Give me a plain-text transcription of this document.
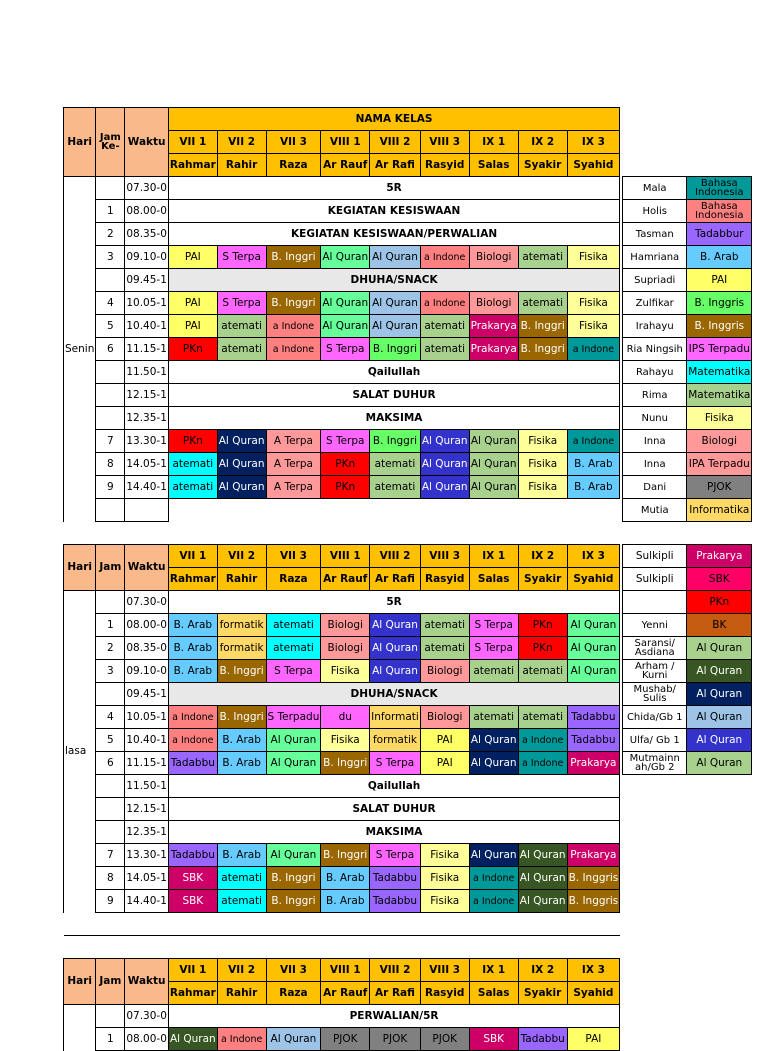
Hari	Jam Ke-	Waktu	NAMA KELAS											
			VII 1	VII 2	VII 3	VIII 1	VIII 2	VIII 3	IX 1	IX 2	IX 3			
			Rahmar	Rahir	Raza	Ar Rauf	Ar Rafi	Rasyid	Salas	Syakir	Syahid			
Senin		07.30-0	5R										Mala	Bahasa Indonesia
	1	08.00-0	KEGIATAN KESISWAAN										Holis	Bahasa Indonesia
	2	08.35-0	KEGIATAN KESISWAAN/PERWALIAN										Tasman	Tadabbur
	3	09.10-0	PAI	S Terpa	B. Inggri	Al Quran	Al Quran	a Indone	Biologi	atemati	Fisika		Hamriana	B. Arab
		09.45-1	DHUHA/SNACK										Supriadi	PAI
	4	10.05-1	PAI	S Terpa	B. Inggri	Al Quran	Al Quran	a Indone	Biologi	atemati	Fisika		Zulfikar	B. Inggris
	5	10.40-1	PAI	atemati	a Indone	Al Quran	Al Quran	atemati	Prakarya	B. Inggri	Fisika		Irahayu	B. Inggris
	6	11.15-1	PKn	atemati	a Indone	S Terpa	B. Inggri	atemati	Prakarya	B. Inggri	a Indone		Ria Ningsih	IPS Terpadu
		11.50-1	Qailullah										Rahayu	Matematika
		12.15-1	SALAT DUHUR										Rima	Matematika
		12.35-1	MAKSIMA										Nunu	Fisika
	7	13.30-1	PKn	Al Quran	A Terpa	S Terpa	B. Inggri	Al Quran	Al Quran	Fisika	a Indone		Inna	Biologi
	8	14.05-1	atemati	Al Quran	A Terpa	PKn	atemati	Al Quran	Al Quran	Fisika	B. Arab		Inna	IPA Terpadu
	9	14.40-1	atemati	Al Quran	A Terpa	PKn	atemati	Al Quran	Al Quran	Fisika	B. Arab		Dani	PJOK
													Mutia	Informatika

Hari	Jam	Waktu	VII 1	VII 2	VII 3	VIII 1	VIII 2	VIII 3	IX 1	IX 2	IX 3		Sulkipli	Prakarya
			Rahmar	Rahir	Raza	Ar Rauf	Ar Rafi	Rasyid	Salas	Syakir	Syahid		Sulkipli	SBK
lasa		07.30-0	5R											PKn
	1	08.00-0	B. Arab	formatik	atemati	Biologi	Al Quran	atemati	S Terpa	PKn	Al Quran		Yenni	BK
	2	08.35-0	B. Arab	formatik	atemati	Biologi	Al Quran	atemati	S Terpa	PKn	Al Quran		Saransi/ Asdiana	Al Quran
	3	09.10-0	B. Arab	B. Inggri	S Terpa	Fisika	Al Quran	Biologi	atemati	atemati	Al Quran		Arham / Kurni	Al Quran
		09.45-1	DHUHA/SNACK										Mushab/ Sulis	Al Quran
	4	10.05-1	a Indone	B. Inggri	S Terpadu	du	Informati	Biologi	atemati	atemati	Tadabbu		Chida/Gb 1	Al Quran
	5	10.40-1	a Indone	B. Arab	Al Quran	Fisika	formatik	PAI	Al Quran	a Indone	Tadabbu		Ulfa/ Gb 1	Al Quran
	6	11.15-1	Tadabbu	B. Arab	Al Quran	B. Inggri	S Terpa	PAI	Al Quran	a Indone	Prakarya		Mutmainn ah/Gb 2	Al Quran
		11.50-1	Qailullah											
		12.15-1	SALAT DUHUR											
		12.35-1	MAKSIMA											
	7	13.30-1	Tadabbu	B. Arab	Al Quran	B. Inggri	S Terpa	Fisika	Al Quran	Al Quran	Prakarya			
	8	14.05-1	SBK	atemati	B. Inggri	B. Arab	Tadabbu	Fisika	a Indone	Al Quran	B. Inggris			
	9	14.40-1	SBK	atemati	B. Inggri	B. Arab	Tadabbu	Fisika	a Indone	Al Quran	B. Inggris			

Hari	Jam	Waktu	VII 1	VII 2	VII 3	VIII 1	VIII 2	VIII 3	IX 1	IX 2	IX 3			
			Rahmar	Rahir	Raza	Ar Rauf	Ar Rafi	Rasyid	Salas	Syakir	Syahid			
		07.30-0	PERWALIAN/5R											
	1	08.00-0	Al Quran	a Indone	Al Quran	PJOK	PJOK	PJOK	SBK	Tadabbu	PAI			
